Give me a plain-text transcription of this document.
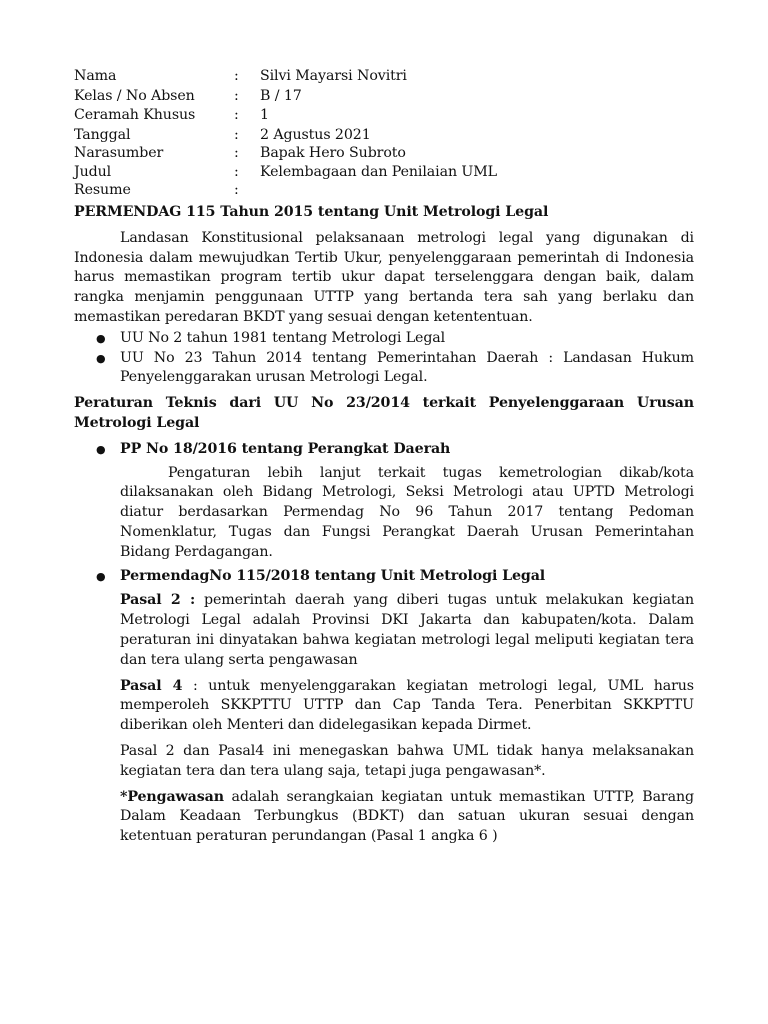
Nama	:	Silvi Mayarsi Novitri
Kelas / No Absen	:	B / 17
Ceramah Khusus	:	1
Tanggal	:	2 Agustus 2021
Narasumber	:	Bapak Hero Subroto
Judul	:	Kelembagaan dan Penilaian UML
Resume	:

PERMENDAG 115 Tahun 2015 tentang Unit Metrologi Legal

Landasan Konstitusional pelaksanaan metrologi legal yang digunakan di Indonesia dalam mewujudkan Tertib Ukur, penyelenggaraan pemerintah di Indonesia harus memastikan program tertib ukur dapat terselenggara dengan baik, dalam rangka menjamin penggunaan UTTP yang bertanda tera sah yang berlaku dan memastikan peredaran BKDT yang sesuai dengan ketententuan.

● UU No 2 tahun 1981 tentang Metrologi Legal
● UU No 23 Tahun 2014 tentang Pemerintahan Daerah : Landasan Hukum Penyelenggarakan urusan Metrologi Legal.

Peraturan Teknis dari UU No 23/2014 terkait Penyelenggaraan Urusan Metrologi Legal

● PP No 18/2016 tentang Perangkat Daerah

Pengaturan lebih lanjut terkait tugas kemetrologian dikab/kota dilaksanakan oleh Bidang Metrologi, Seksi Metrologi atau UPTD Metrologi diatur berdasarkan Permendag No 96 Tahun 2017 tentang Pedoman Nomenklatur, Tugas dan Fungsi Perangkat Daerah Urusan Pemerintahan Bidang Perdagangan.

● PermendagNo 115/2018 tentang Unit Metrologi Legal

Pasal 2 : pemerintah daerah yang diberi tugas untuk melakukan kegiatan Metrologi Legal adalah Provinsi DKI Jakarta dan kabupaten/kota. Dalam peraturan ini dinyatakan bahwa kegiatan metrologi legal meliputi kegiatan tera dan tera ulang serta pengawasan

Pasal 4 : untuk menyelenggarakan kegiatan metrologi legal, UML harus memperoleh SKKPTTU UTTP dan Cap Tanda Tera. Penerbitan SKKPTTU diberikan oleh Menteri dan didelegasikan kepada Dirmet.

Pasal 2 dan Pasal4 ini menegaskan bahwa UML tidak hanya melaksanakan kegiatan tera dan tera ulang saja, tetapi juga pengawasan*.

*Pengawasan adalah serangkaian kegiatan untuk memastikan UTTP, Barang Dalam Keadaan Terbungkus (BDKT) dan satuan ukuran sesuai dengan ketentuan peraturan perundangan (Pasal 1 angka 6 )
